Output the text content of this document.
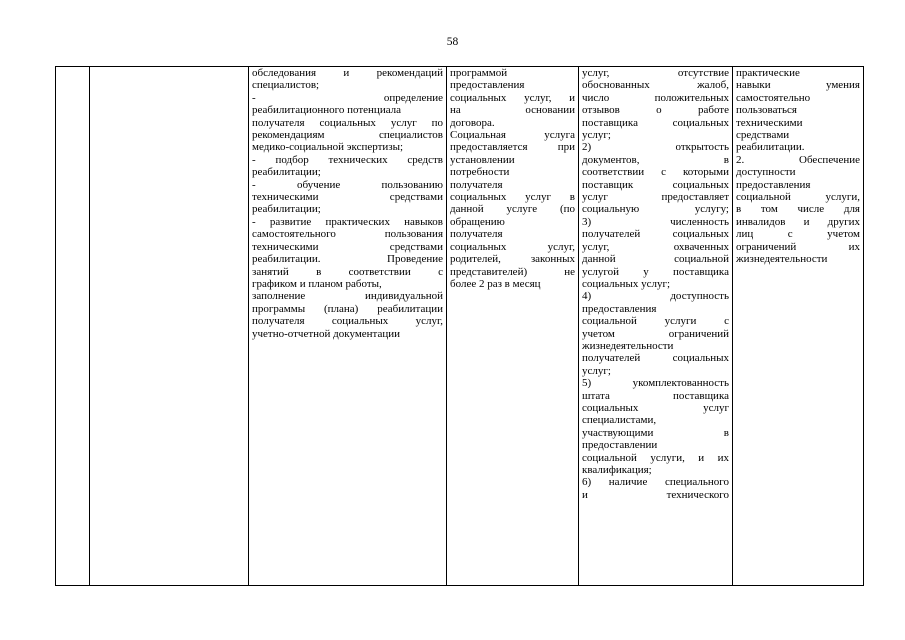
58

обследования и рекомендаций
специалистов;
- определение
реабилитационного потенциала
получателя социальных услуг по
рекомендациям специалистов
медико-социальной экспертизы;
- подбор технических средств
реабилитации;
- обучение пользованию
техническими средствами
реабилитации;
- развитие практических навыков
самостоятельного пользования
техническими средствами
реабилитации. Проведение
занятий в соответствии с
графиком и планом работы,
заполнение индивидуальной
программы (плана) реабилитации
получателя социальных услуг,
учетно-отчетной документации

программой
предоставления
социальных услуг, и
на основании
договора.
Социальная услуга
предоставляется при
установлении
потребности
получателя
социальных услуг в
данной услуге (по
обращению
получателя
социальных услуг,
родителей, законных
представителей) не
более 2 раз в месяц

услуг, отсутствие
обоснованных жалоб,
число положительных
отзывов о работе
поставщика социальных
услуг;
2) открытость
документов, в
соответствии с которыми
поставщик социальных
услуг предоставляет
социальную услугу;
3) численность
получателей социальных
услуг, охваченных
данной социальной
услугой у поставщика
социальных услуг;
4) доступность
предоставления
социальной услуги с
учетом ограничений
жизнедеятельности
получателей социальных
услуг;
5) укомплектованность
штата поставщика
социальных услуг
специалистами,
участвующими в
предоставлении
социальной услуги, и их
квалификация;
6) наличие специального
и технического

практические
навыки умения
самостоятельно
пользоваться
техническими
средствами
реабилитации.
2. Обеспечение
доступности
предоставления
социальной услуги,
в том числе для
инвалидов и других
лиц с учетом
ограничений их
жизнедеятельности
